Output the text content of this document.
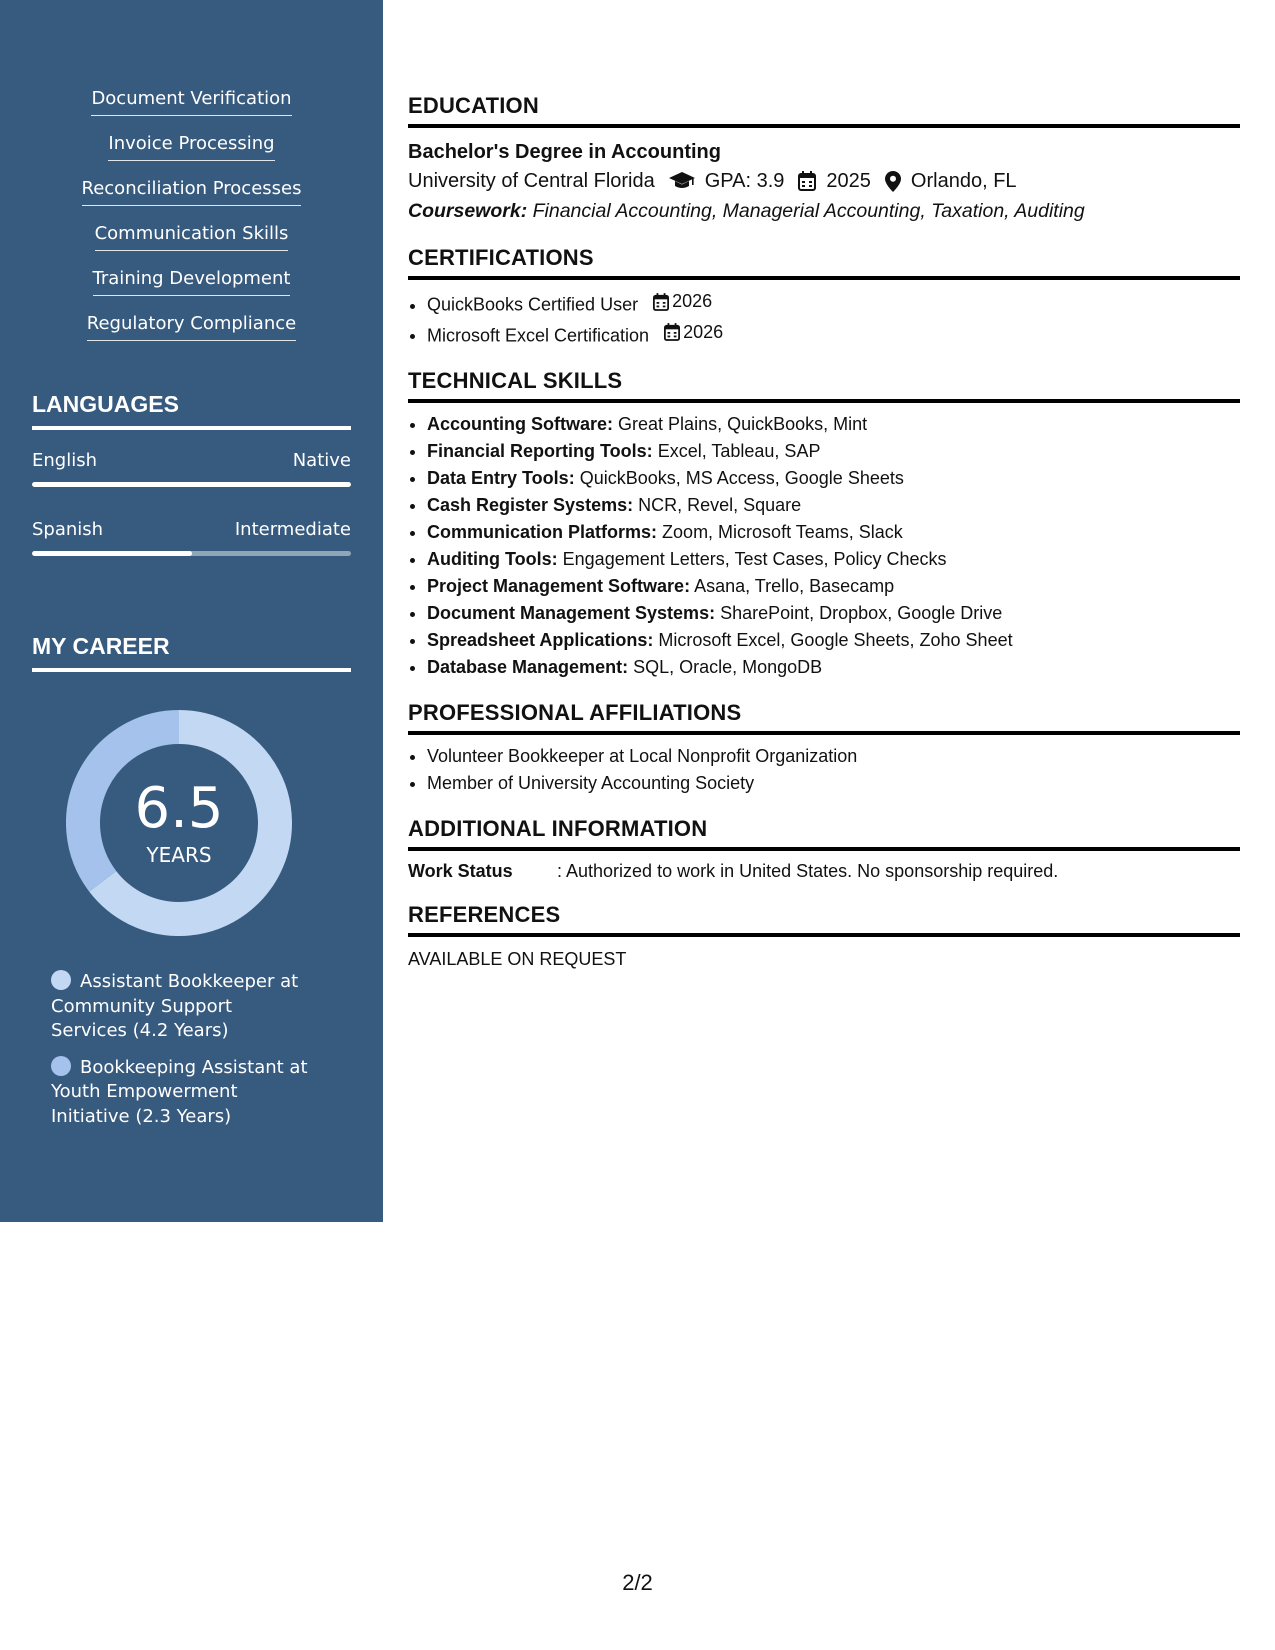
Document Verification
Invoice Processing
Reconciliation Processes
Communication Skills
Training Development
Regulatory Compliance
LANGUAGES
English	Native
Spanish	Intermediate
MY CAREER
6.5
YEARS
Assistant Bookkeeper at Community Support Services (4.2 Years)
Bookkeeping Assistant at Youth Empowerment Initiative (2.3 Years)
EDUCATION
Bachelor's Degree in Accounting
University of Central Florida	GPA: 3.9 2025 Orlando, FL
Coursework: Financial Accounting, Managerial Accounting, Taxation, Auditing
CERTIFICATIONS
• QuickBooks Certified User 2026
• Microsoft Excel Certification 2026
TECHNICAL SKILLS
• Accounting Software: Great Plains, QuickBooks, Mint
• Financial Reporting Tools: Excel, Tableau, SAP
• Data Entry Tools: QuickBooks, MS Access, Google Sheets
• Cash Register Systems: NCR, Revel, Square
• Communication Platforms: Zoom, Microsoft Teams, Slack
• Auditing Tools: Engagement Letters, Test Cases, Policy Checks
• Project Management Software: Asana, Trello, Basecamp
• Document Management Systems: SharePoint, Dropbox, Google Drive
• Spreadsheet Applications: Microsoft Excel, Google Sheets, Zoho Sheet
• Database Management: SQL, Oracle, MongoDB
PROFESSIONAL AFFILIATIONS
• Volunteer Bookkeeper at Local Nonprofit Organization
• Member of University Accounting Society
ADDITIONAL INFORMATION
Work Status	: Authorized to work in United States. No sponsorship required.
REFERENCES
AVAILABLE ON REQUEST
2/2
